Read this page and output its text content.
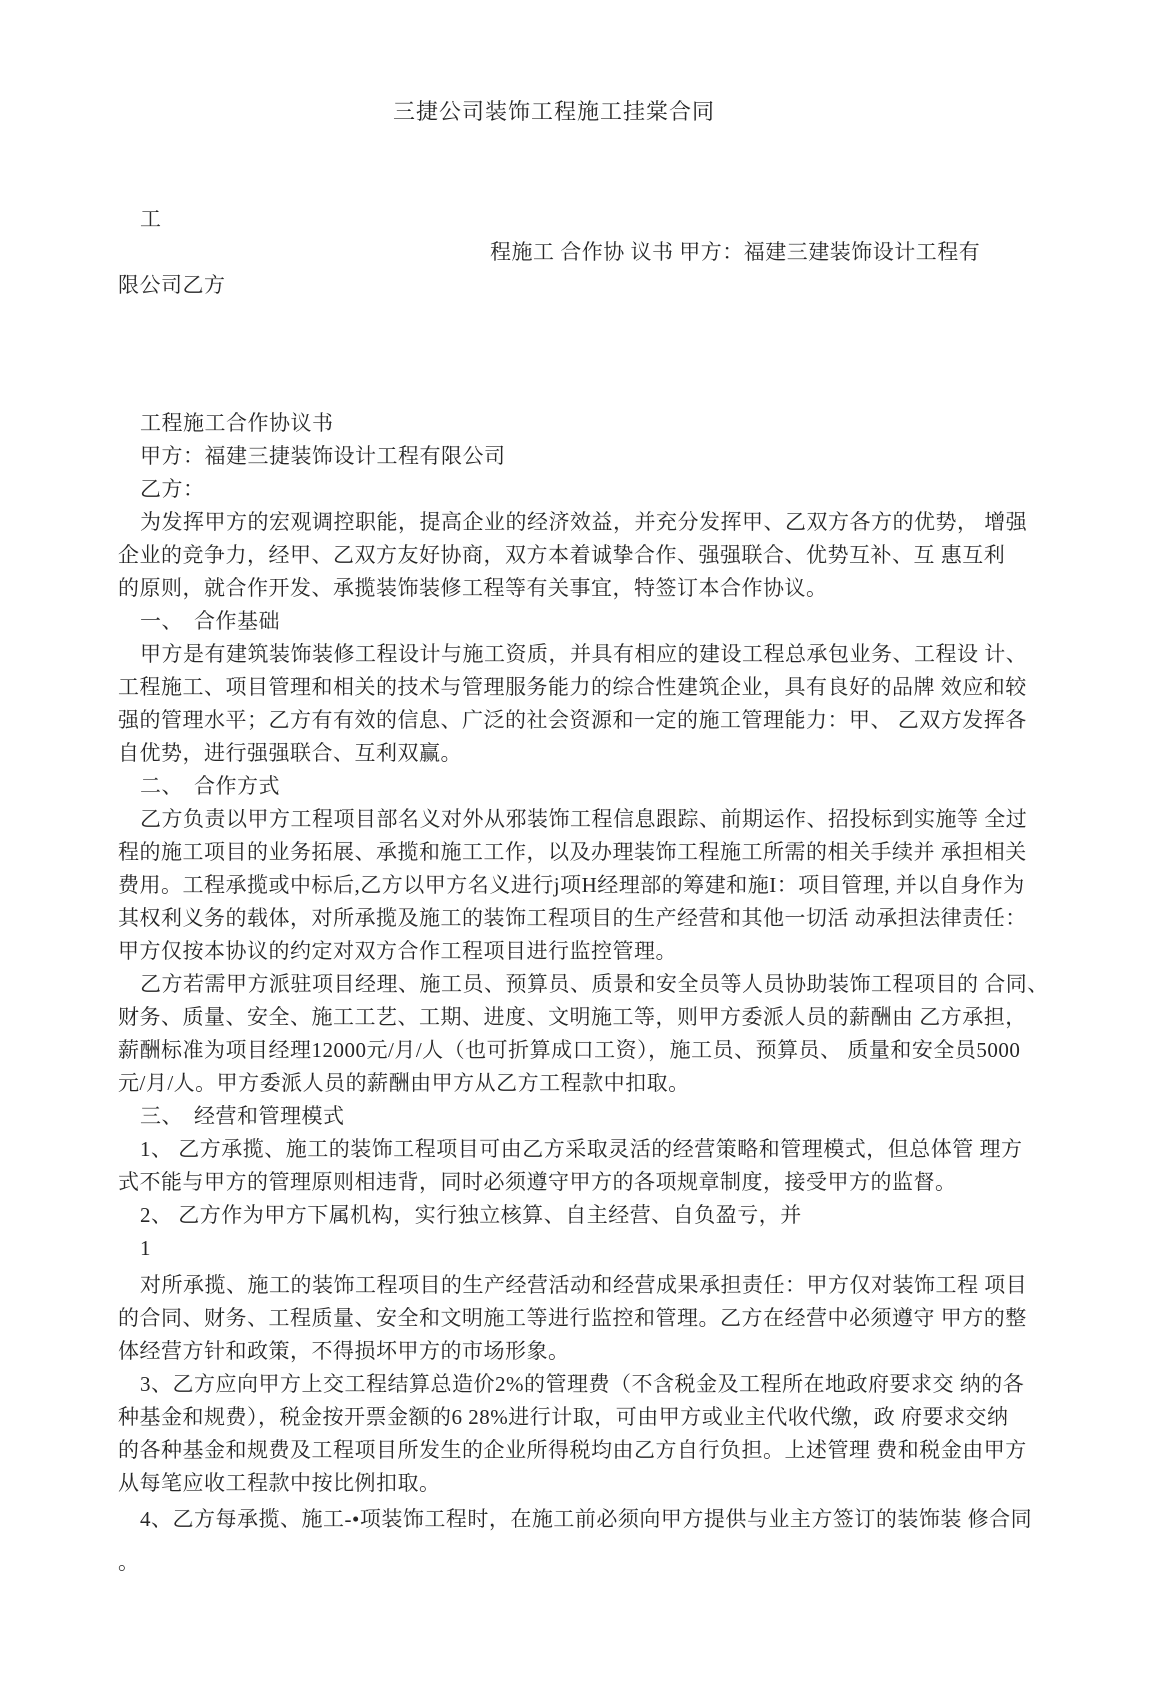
三捷公司装饰工程施工挂棠合同
工
程施工 合作协 议书 甲方：福建三建装饰设计工程有
限公司乙方
工程施工合作协议书
甲方：福建三捷装饰设计工程有限公司
乙方：
为发挥甲方的宏观调控职能，提高企业的经济效益，并充分发挥甲、乙双方各方的优势， 增强
企业的竞争力，经甲、乙双方友好协商，双方本着诚挚合作、强强联合、优势互补、互 惠互利
的原则，就合作开发、承揽装饰装修工程等有关事宜，特签订本合作协议。
一、　合作基础
甲方是有建筑装饰装修工程设计与施工资质，并具有相应的建设工程总承包业务、工程设 计、
工程施工、项目管理和相关的技术与管理服务能力的综合性建筑企业，具有良好的品牌 效应和较
强的管理水平；乙方有有效的信息、广泛的社会资源和一定的施工管理能力：甲、 乙双方发挥各
自优势，进行强强联合、互利双赢。
二、　合作方式
乙方负责以甲方工程项目部名义对外从邪装饰工程信息跟踪、前期运作、招投标到实施等 全过
程的施工项目的业务拓展、承揽和施工工作，以及办理装饰工程施工所需的相关手续并 承担相关
费用。工程承揽或中标后,乙方以甲方名义进行j项H经理部的筹建和施I：项目管理, 并以自身作为
其权利义务的载体，对所承揽及施工的装饰工程项目的生产经营和其他一切活 动承担法律责任：
甲方仅按本协议的约定对双方合作工程项目进行监控管理。
乙方若需甲方派驻项目经理、施工员、预算员、质景和安全员等人员协助装饰工程项目的 合同、
财务、质量、安全、施工工艺、工期、进度、文明施工等，则甲方委派人员的薪酬由 乙方承担，
薪酬标准为项目经理12000元/月/人（也可折算成口工资），施工员、预算员、 质量和安全员5000
元/月/人。甲方委派人员的薪酬由甲方从乙方工程款中扣取。
三、　经营和管理模式
1、 乙方承揽、施工的装饰工程项目可由乙方采取灵活的经营策略和管理模式，但总体管 理方
式不能与甲方的管理原则相违背，同时必须遵守甲方的各项规章制度，接受甲方的监督。
2、 乙方作为甲方下属机构，实行独立核算、自主经营、自负盈亏，并
1
对所承揽、施工的装饰工程项目的生产经营活动和经营成果承担责任：甲方仅对装饰工程 项目
的合同、财务、工程质量、安全和文明施工等进行监控和管理。乙方在经营中必须遵守 甲方的整
体经营方针和政策，不得损坏甲方的市场形象。
3、乙方应向甲方上交工程结算总造价2%的管理费（不含税金及工程所在地政府要求交 纳的各
种基金和规费），税金按开票金额的6 28%进行计取，可由甲方或业主代收代缴，政 府要求交纳
的各种基金和规费及工程项目所发生的企业所得税均由乙方自行负担。上述管理 费和税金由甲方
从每笔应收工程款中按比例扣取。
4、乙方每承揽、施工-•项装饰工程时，在施工前必须向甲方提供与业主方签订的装饰装 修合同
。
